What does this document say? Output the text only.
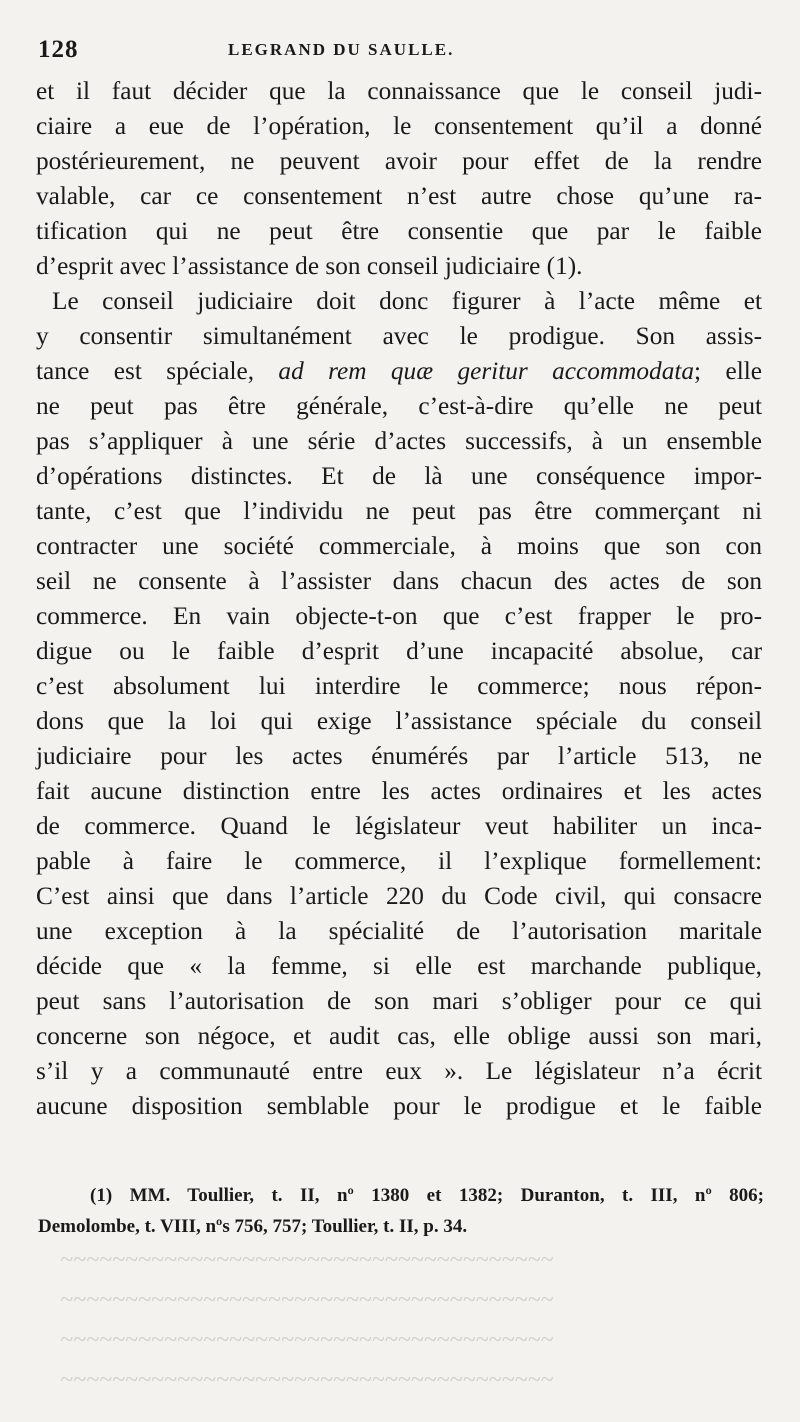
128	LEGRAND DU SAULLE.
et il faut décider que la connaissance que le conseil judi-
ciaire a eue de l’opération, le consentement qu’il a donné
postérieurement, ne peuvent avoir pour effet de la rendre
valable, car ce consentement n’est autre chose qu’une ra-
tification qui ne peut être consentie que par le faible
d’esprit avec l’assistance de son conseil judiciaire (1).
Le conseil judiciaire doit donc figurer à l’acte même et
y consentir simultanément avec le prodigue. Son assis-
tance est spéciale, ad rem quæ geritur accommodata; elle
ne peut pas être générale, c’est-à-dire qu’elle ne peut
pas s’appliquer à une série d’actes successifs, à un ensemble
d’opérations distinctes. Et de là une conséquence impor-
tante, c’est que l’individu ne peut pas être commerçant ni
contracter une société commerciale, à moins que son con
seil ne consente à l’assister dans chacun des actes de son
commerce. En vain objecte-t-on que c’est frapper le pro-
digue ou le faible d’esprit d’une incapacité absolue, car
c’est absolument lui interdire le commerce; nous répon-
dons que la loi qui exige l’assistance spéciale du conseil
judiciaire pour les actes énumérés par l’article 513, ne
fait aucune distinction entre les actes ordinaires et les actes
de commerce. Quand le législateur veut habiliter un inca-
pable à faire le commerce, il l’explique formellement:
C’est ainsi que dans l’article 220 du Code civil, qui consacre
une exception à la spécialité de l’autorisation maritale
décide que « la femme, si elle est marchande publique,
peut sans l’autorisation de son mari s’obliger pour ce qui
concerne son négoce, et audit cas, elle oblige aussi son mari,
s’il y a communauté entre eux ». Le législateur n’a écrit
aucune disposition semblable pour le prodigue et le faible
(1) MM. Toullier, t. II, nº 1380 et 1382; Duranton, t. III, nº 806;
Demolombe, t. VIII, nºs 756, 757; Toullier, t. II, p. 34.
~~~~~~~~~~~~~~~~~~~~~~~~~~~~~~~~~~~~~~
~~~~~~~~~~~~~~~~~~~~~~~~~~~~~~~~~~~~~~
~~~~~~~~~~~~~~~~~~~~~~~~~~~~~~~~~~~~~~
~~~~~~~~~~~~~~~~~~~~~~~~~~~~~~~~~~~~~~
